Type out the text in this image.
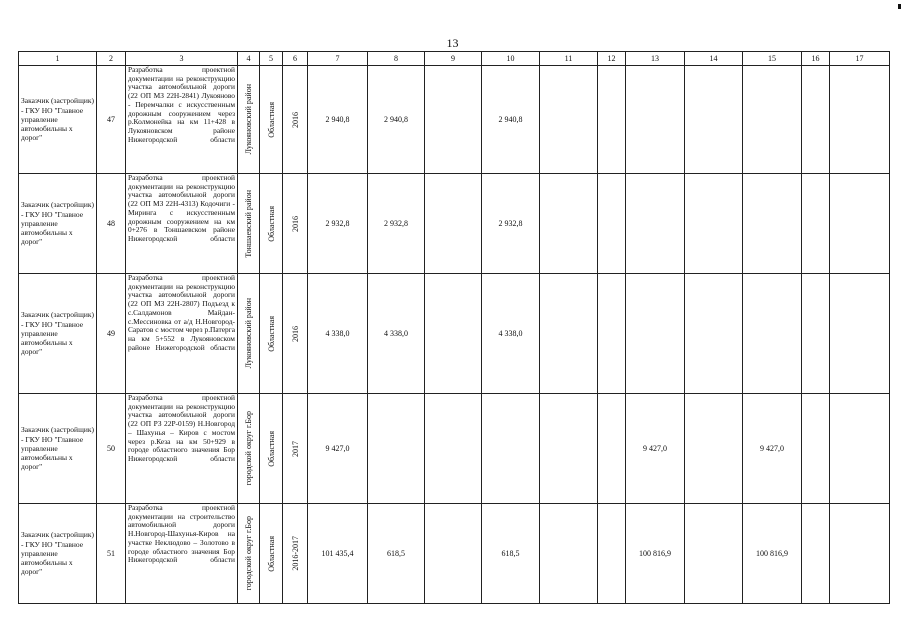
13
1	2	3	4	5	6	7	8	9	10	11	12	13	14	15	16	17
Заказчик (застройщик) - ГКУ НО "Главное управление автомобильны х дорог"	47	Разработка проектной документации на реконструкцию участка автомобильной дороги (22 ОП МЗ 22Н-2841) Лукояново - Перемчалки с искусственным дорожным сооружением через р.Колмонейка на км 11+428 в Лукояновском районе Нижегородской области	Лукояновский район	Областная	2016	2 940,8	2 940,8		2 940,8							
Заказчик (застройщик) - ГКУ НО "Главное управление автомобильны х дорог"	48	Разработка проектной документации на реконструкцию участка автомобильной дороги (22 ОП МЗ 22Н-4313) Кодочиги - Миринга с искусственным дорожным сооружением на км 0+276 в Тоншаевском районе Нижегородской области	Тоншаевский район	Областная	2016	2 932,8	2 932,8		2 932,8							
Заказчик (застройщик) - ГКУ НО "Главное управление автомобильны х дорог"	49	Разработка проектной документации на реконструкцию участка автомобильной дороги (22 ОП МЗ 22Н-2807) Подъезд к с.Салдамонов Майдан-с.Мессиновка от а/д Н.Новгород-Саратов с мостом через р.Патерга на км 5+552 в Лукояновском районе Нижегородской области	Лукояновский район	Областная	2016	4 338,0	4 338,0		4 338,0							
Заказчик (застройщик) - ГКУ НО "Главное управление автомобильны х дорог"	50	Разработка проектной документации на реконструкцию участка автомобильной дороги (22 ОП РЗ 22Р-0159) Н.Новгород – Шахунья – Киров с мостом через р.Кеза на км 50+929 в городе областного значения Бор Нижегородской области	городской округ г.Бор	Областная	2017	9 427,0						9 427,0		9 427,0		
Заказчик (застройщик) - ГКУ НО "Главное управление автомобильны х дорог"	51	Разработка проектной документации на строительство автомобильной дороги Н.Новгород-Шахунья-Киров на участке Неклюдово – Золотово в городе областного значения Бор Нижегородской области	городской округ г.Бор	Областная	2016-2017	101 435,4	618,5		618,5			100 816,9		100 816,9		
